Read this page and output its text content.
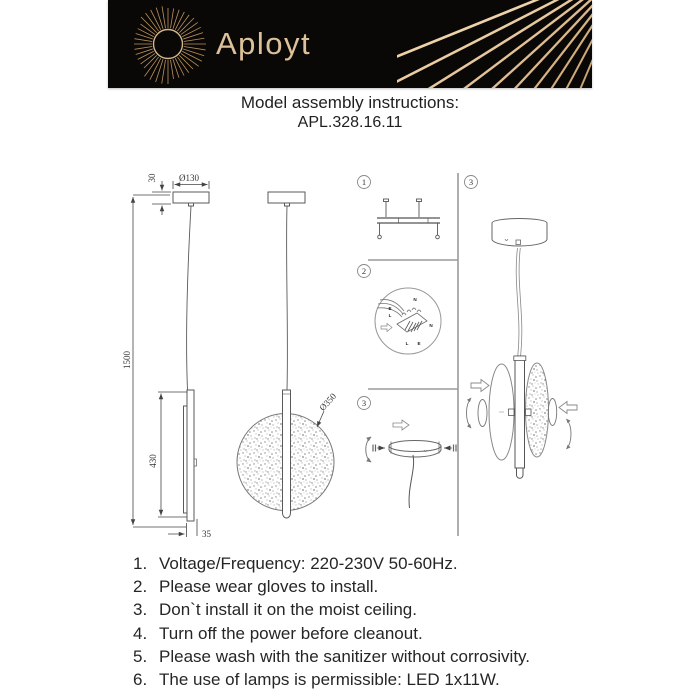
Aployt
Model assembly instructions:
APL.328.16.11
1500
30 Ø130
430
35
Ø350
1
2
3
3
N
E
L
N
L E
1. Voltage/Frequency: 220-230V 50-60Hz.
2. Please wear gloves to install.
3. Don`t install it on the moist ceiling.
4. Turn off the power before cleanout.
5. Please wash with the sanitizer without corrosivity.
6. The use of lamps is permissible: LED 1x11W.
